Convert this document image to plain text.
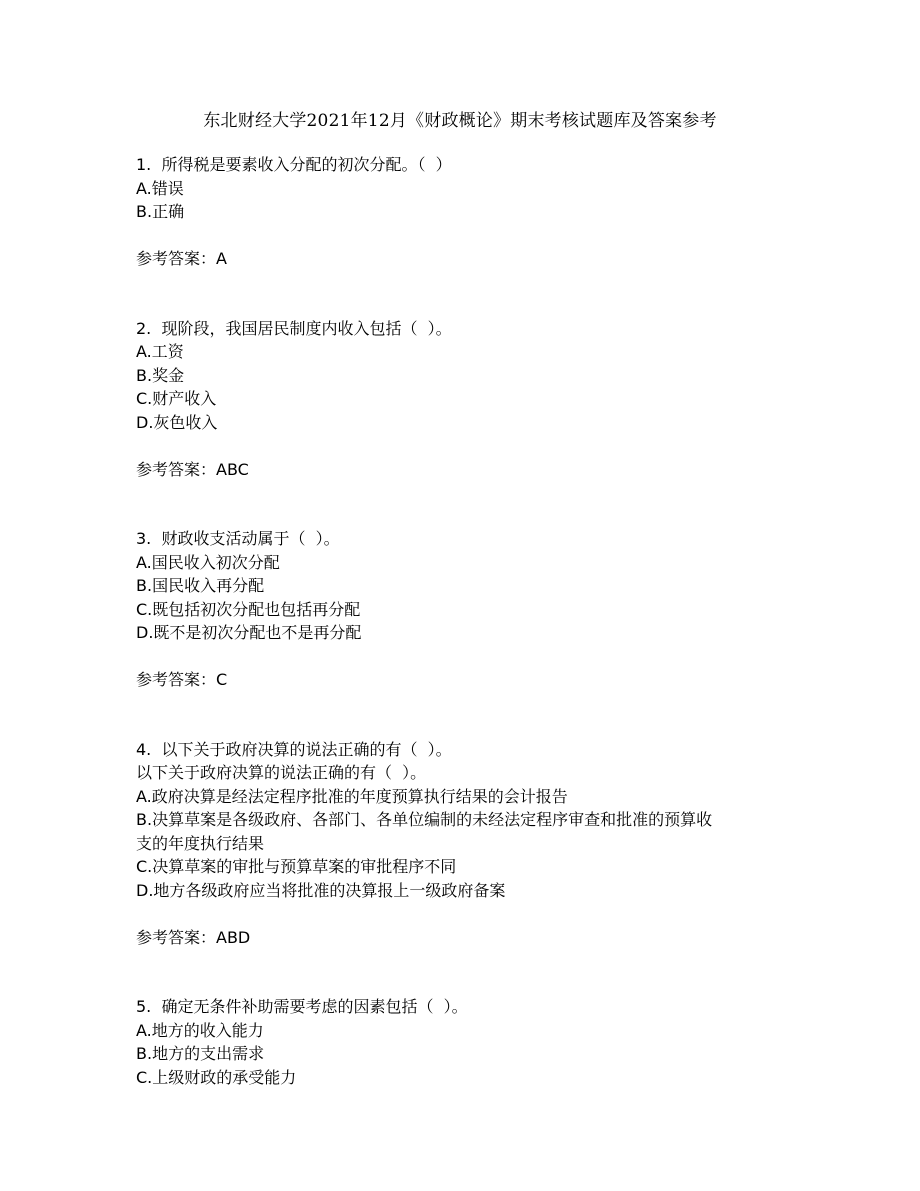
东北财经大学2021年12月《财政概论》期末考核试题库及答案参考
1.  所得税是要素收入分配的初次分配。（  ）
A.错误
B.正确
参考答案：A
2.  现阶段，我国居民制度内收入包括（  ）。
A.工资
B.奖金
C.财产收入
D.灰色收入
参考答案：ABC
3.  财政收支活动属于（  ）。
A.国民收入初次分配
B.国民收入再分配
C.既包括初次分配也包括再分配
D.既不是初次分配也不是再分配
参考答案：C
4.  以下关于政府决算的说法正确的有（  ）。
以下关于政府决算的说法正确的有（  ）。
A.政府决算是经法定程序批准的年度预算执行结果的会计报告
B.决算草案是各级政府、各部门、各单位编制的未经法定程序审查和批准的预算收
支的年度执行结果
C.决算草案的审批与预算草案的审批程序不同
D.地方各级政府应当将批准的决算报上一级政府备案
参考答案：ABD
5.  确定无条件补助需要考虑的因素包括（  ）。
A.地方的收入能力
B.地方的支出需求
C.上级财政的承受能力
